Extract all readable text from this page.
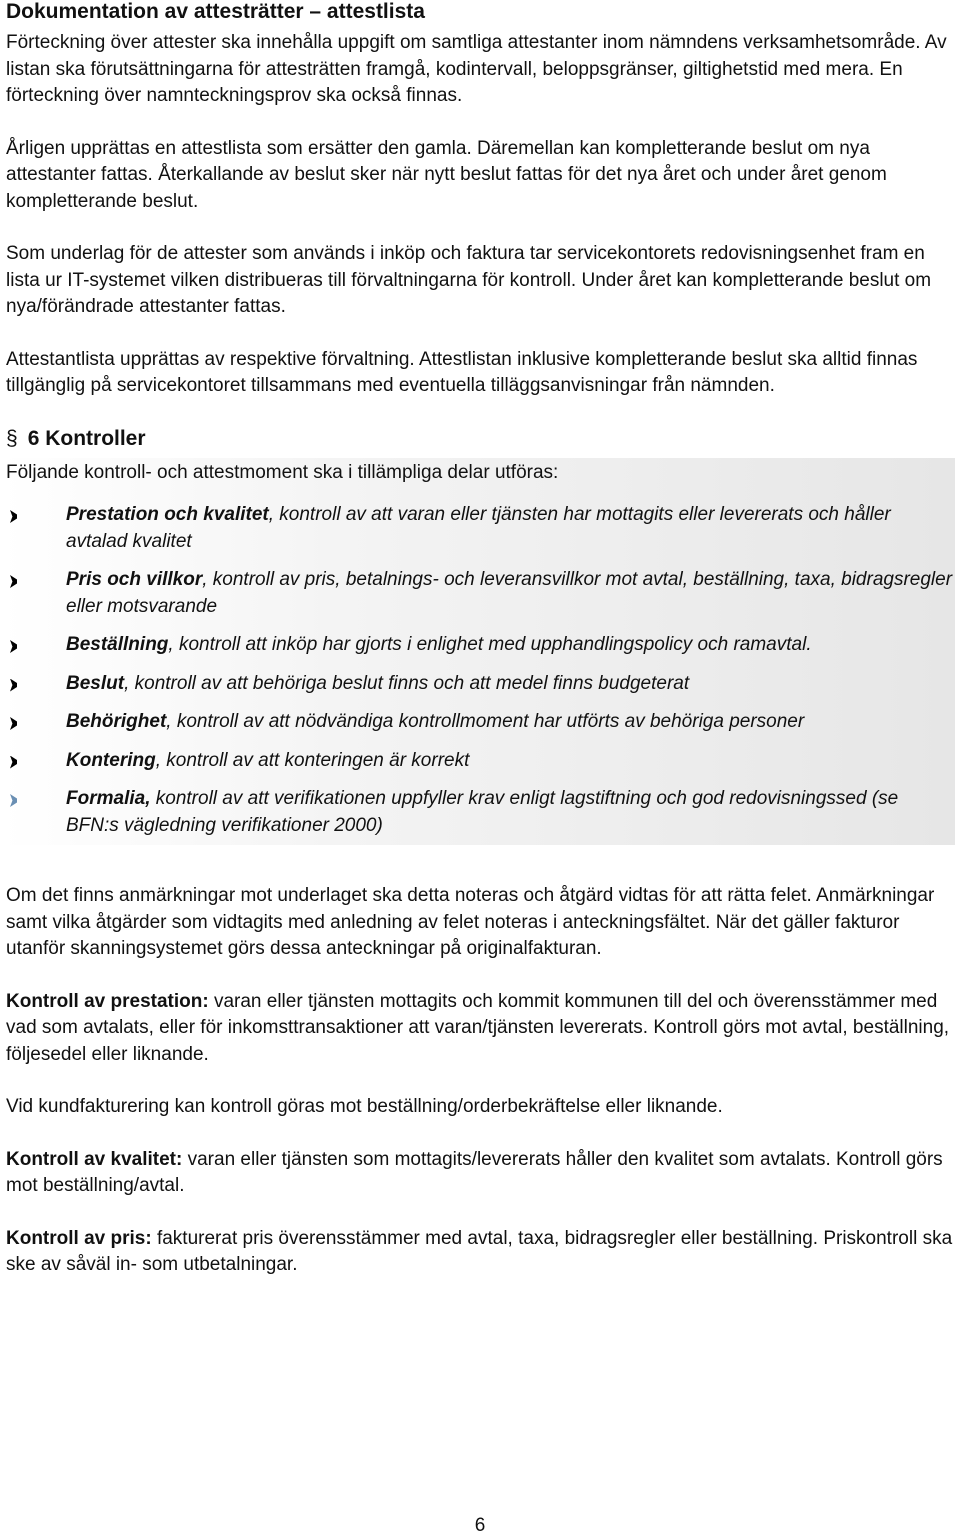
Dokumentation av attesträtter – attestlista

Förteckning över attester ska innehålla uppgift om samtliga attestanter inom nämndens verksamhetsområde. Av listan ska förutsättningarna för attesträtten framgå, kodintervall, beloppsgränser, giltighetstid med mera. En förteckning över namnteckningsprov ska också finnas.

Årligen upprättas en attestlista som ersätter den gamla. Däremellan kan kompletterande beslut om nya attestanter fattas. Återkallande av beslut sker när nytt beslut fattas för det nya året och under året genom kompletterande beslut.

Som underlag för de attester som används i inköp och faktura tar servicekontorets redovisningsenhet fram en lista ur IT-systemet vilken distribueras till förvaltningarna för kontroll. Under året kan kompletterande beslut om nya/förändrade attestanter fattas.

Attestantlista upprättas av respektive förvaltning. Attestlistan inklusive kompletterande beslut ska alltid finnas tillgänglig på servicekontoret tillsammans med eventuella tilläggsanvisningar från nämnden.

§ 6 Kontroller

Följande kontroll- och attestmoment ska i tillämpliga delar utföras:

Prestation och kvalitet, kontroll av att varan eller tjänsten har mottagits eller levererats och håller avtalad kvalitet
Pris och villkor, kontroll av pris, betalnings- och leveransvillkor mot avtal, beställning, taxa, bidragsregler eller motsvarande
Beställning, kontroll att inköp har gjorts i enlighet med upphandlingspolicy och ramavtal.
Beslut, kontroll av att behöriga beslut finns och att medel finns budgeterat
Behörighet, kontroll av att nödvändiga kontrollmoment har utförts av behöriga personer
Kontering, kontroll av att konteringen är korrekt
Formalia, kontroll av att verifikationen uppfyller krav enligt lagstiftning och god redovisningssed (se BFN:s vägledning verifikationer 2000)

Om det finns anmärkningar mot underlaget ska detta noteras och åtgärd vidtas för att rätta felet. Anmärkningar samt vilka åtgärder som vidtagits med anledning av felet noteras i anteckningsfältet. När det gäller fakturor utanför skanningsystemet görs dessa anteckningar på originalfakturan.

Kontroll av prestation: varan eller tjänsten mottagits och kommit kommunen till del och överensstämmer med vad som avtalats, eller för inkomsttransaktioner att varan/tjänsten levererats. Kontroll görs mot avtal, beställning, följesedel eller liknande.

Vid kundfakturering kan kontroll göras mot beställning/orderbekräftelse eller liknande.

Kontroll av kvalitet: varan eller tjänsten som mottagits/levererats håller den kvalitet som avtalats. Kontroll görs mot beställning/avtal.

Kontroll av pris: fakturerat pris överensstämmer med avtal, taxa, bidragsregler eller beställning. Priskontroll ska ske av såväl in- som utbetalningar.

6
